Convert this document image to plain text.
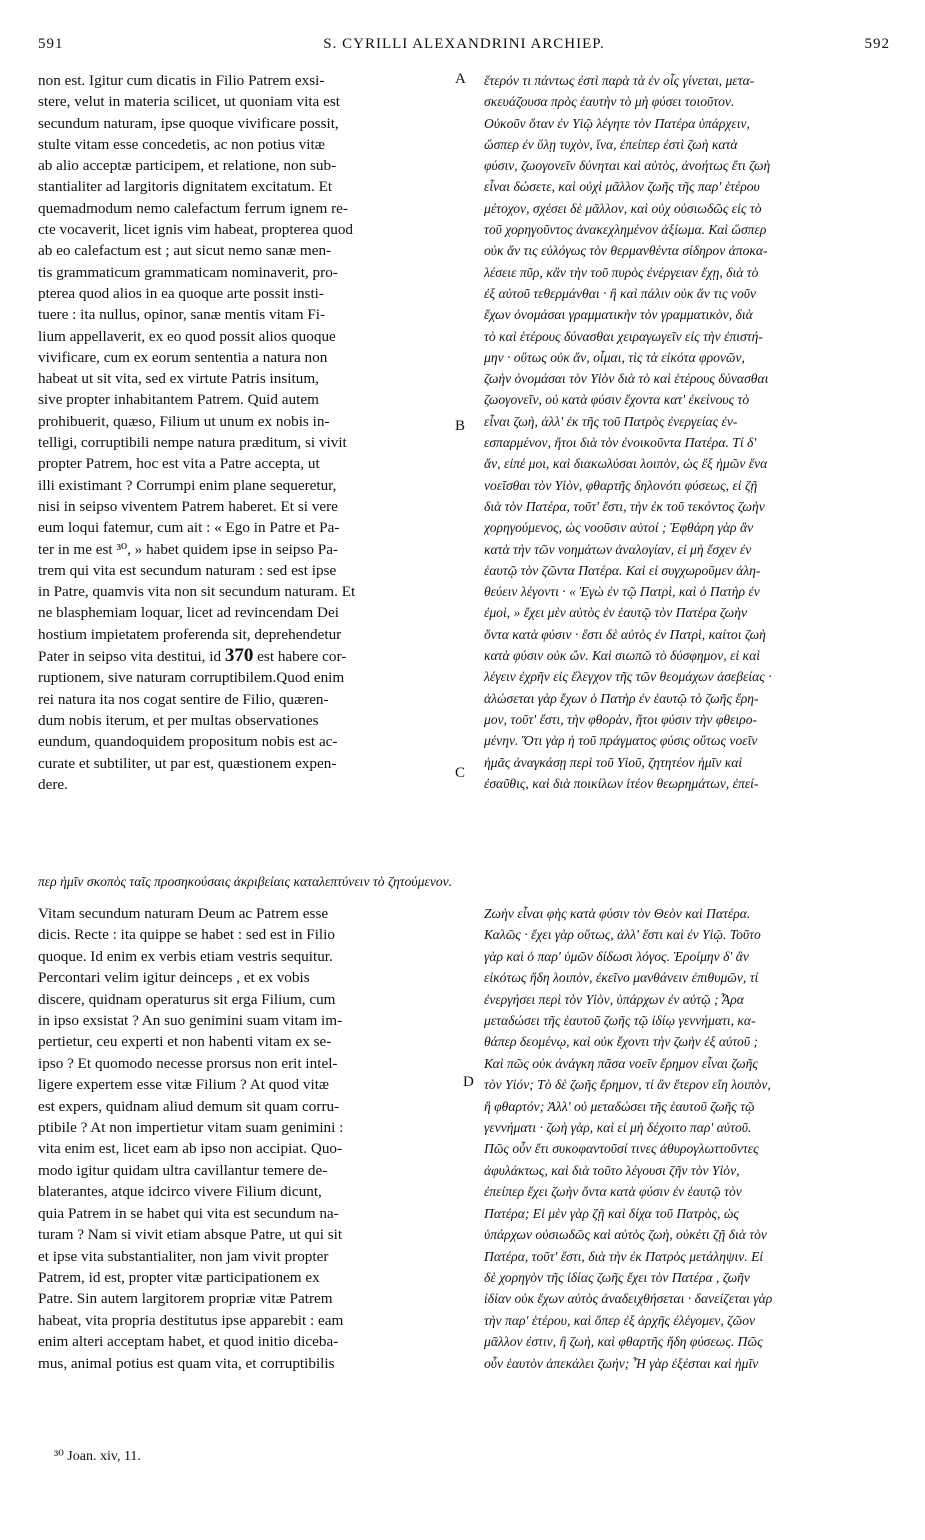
591	S. CYRILLI ALEXANDRINI ARCHIEP.	592
non est. Igitur cum dicatis in Filio Patrem exsi-
stere, velut in materia scilicet, ut quoniam vita est
secundum naturam, ipse quoque vivificare possit,
stulte vitam esse concedetis, ac non potius vitæ
ab alio acceptæ participem, et relatione, non sub-
stantialiter ad largitoris dignitatem excitatum. Et
quemadmodum nemo calefactum ferrum ignem re-
cte vocaverit, licet ignis vim habeat, propterea quod
ab eo calefactum est ; aut sicut nemo sanæ men-
tis grammaticum grammaticam nominaverit, pro-
pterea quod alios in ea quoque arte possit insti-
tuere : ita nullus, opinor, sanæ mentis vitam Fi-
lium appellaverit, ex eo quod possit alios quoque
vivificare, cum ex eorum sententia a natura non
habeat ut sit vita, sed ex virtute Patris insitum,
sive propter inhabitantem Patrem. Quid autem
prohibuerit, quæso, Filium ut unum ex nobis in-
telligi, corruptibili nempe natura præditum, si vivit
propter Patrem, hoc est vita a Patre accepta, ut
illi existimant ? Corrumpi enim plane sequeretur,
nisi in seipso viventem Patrem haberet. Et si vere
eum loqui fatemur, cum ait : « Ego in Patre et Pa-
ter in me est ³⁰, » habet quidem ipse in seipso Pa-
trem qui vita est secundum naturam : sed est ipse
in Patre, quamvis vita non sit secundum naturam. Et
ne blasphemiam loquar, licet ad revincendam Dei
hostium impietatem proferenda sit, deprehendetur
Pater in seipso vita destitui, id 370 est habere cor-
ruptionem, sive naturam corruptibilem.Quod enim
rei natura ita nos cogat sentire de Filio, quæren-
dum nobis iterum, et per multas observationes
eundum, quandoquidem propositum nobis est ac-
curate et subtiliter, ut par est, quæstionem expen-
dere.
ἕτερόν τι πάντως ἐστὶ παρὰ τὰ ἐν οἷς γίνεται, μετα-
σκευάζουσα πρὸς ἑαυτὴν τὸ μὴ φύσει τοιοῦτον.
Οὐκοῦν ὅταν ἐν Υἱῷ λέγητε τὸν Πατέρα ὑπάρχειν,
ὥσπερ ἐν ὕλῃ τυχὸν, ἵνα, ἐπείπερ ἐστὶ ζωὴ κατὰ
φύσιν, ζωογονεῖν δύνηται καὶ αὐτὸς, ἀνοήτως ἔτι ζωὴ
εἶναι δώσετε, καὶ οὐχὶ μᾶλλον ζωῆς τῆς παρ' ἑτέρου
μέτοχον, σχέσει δὲ μᾶλλον, καὶ οὐχ οὐσιωδῶς εἰς τὸ
τοῦ χορηγοῦντος ἀνακεχλημένον ἀξίωμα. Καὶ ὥσπερ
οὐκ ἄν τις εὐλόγως τὸν θερμανθέντα σίδηρον ἀποκα-
λέσειε πῦρ, κἂν τὴν τοῦ πυρὸς ἐνέργειαν ἔχῃ, διὰ τὸ
ἐξ αὐτοῦ τεθερμάνθαι · ἢ καὶ πάλιν οὐκ ἄν τις νοῦν
ἔχων ὀνομάσαι γραμματικὴν τὸν γραμματικὸν, διὰ
τὸ καὶ ἑτέρους δύνασθαι χειραγωγεῖν εἰς τὴν ἐπιστή-
μην · οὕτως οὐκ ἄν, οἶμαι, τὶς τὰ εἰκότα φρονῶν,
ζωὴν ὀνομάσαι τὸν Υἱὸν διὰ τὸ καὶ ἑτέρους δύνασθαι
ζωογονεῖν, οὐ κατὰ φύσιν ἔχοντα κατ' ἐκείνους τὸ
εἶναι ζωὴ, ἀλλ' ἐκ τῆς τοῦ Πατρὸς ἐνεργείας ἐν-
εσπαρμένον, ἤτοι διὰ τὸν ἐνοικοῦντα Πατέρα. Τί δ'
ἄν, εἰπέ μοι, καὶ διακωλύσαι λοιπὸν, ὡς ἕξ ἡμῶν ἕνα
νοεῖσθαι τὸν Υἱὸν, φθαρτῆς δηλονότι φύσεως, εἰ ζῇ
διὰ τὸν Πατέρα, τοῦτ' ἔστι, τὴν ἐκ τοῦ τεκόντος ζωὴν
χορηγούμενος, ὡς νοοῦσιν αὐτοί ; Ἐφθάρη γὰρ ἂν
κατὰ τὴν τῶν νοημάτων ἀναλογίαν, εἰ μὴ ἔσχεν ἐν
ἑαυτῷ τὸν ζῶντα Πατέρα. Καὶ εἰ συγχωροῦμεν ἀλη-
θεύειν λέγοντι · « Ἐγὼ ἐν τῷ Πατρὶ, καὶ ὁ Πατὴρ ἐν
ἐμοὶ, » ἔχει μὲν αὐτὸς ἐν ἑαυτῷ τὸν Πατέρα ζωὴν
ὄντα κατὰ φύσιν · ἔστι δὲ αὐτὸς ἐν Πατρὶ, καίτοι ζωὴ
κατὰ φύσιν οὐκ ὤν. Καὶ σιωπῶ τὸ δύσφημον, εἰ καὶ
λέγειν ἐχρῆν εἰς ἔλεγχον τῆς τῶν θεομάχων ἀσεβείας ·
ἁλώσεται γὰρ ἔχων ὁ Πατὴρ ἐν ἑαυτῷ τὸ ζωῆς ἔρη-
μον, τοῦτ' ἔστι, τὴν φθορὰν, ἤτοι φύσιν τὴν φθειρο-
μένην. Ὅτι γὰρ ἡ τοῦ πράγματος φύσις οὕτως νοεῖν
ἡμᾶς ἀναγκάσῃ περὶ τοῦ Υἱοῦ, ζητητέον ἡμῖν καὶ
ἐσαῦθις, καὶ διὰ ποικίλων ἰτέον θεωρημάτων, ἐπεί-
περ ἡμῖν σκοπὸς ταῖς προσηκούσαις ἀκριβείαις καταλεπτύνειν τὸ ζητούμενον.
Vitam secundum naturam Deum ac Patrem esse
dicis. Recte : ita quippe se habet : sed est in Filio
quoque. Id enim ex verbis etiam vestris sequitur.
Percontari velim igitur deinceps , et ex vobis
discere, quidnam operaturus sit erga Filium, cum
in ipso exsistat ? An suo genimini suam vitam im-
pertietur, ceu experti et non habenti vitam ex se-
ipso ? Et quomodo necesse prorsus non erit intel-
ligere expertem esse vitæ Filium ? At quod vitæ
est expers, quidnam aliud demum sit quam corru-
ptibile ? At non impertietur vitam suam genimini :
vita enim est, licet eam ab ipso non accipiat. Quo-
modo igitur quidam ultra cavillantur temere de-
blaterantes, atque idcirco vivere Filium dicunt,
quia Patrem in se habet qui vita est secundum na-
turam ? Nam si vivit etiam absque Patre, ut qui sit
et ipse vita substantialiter, non jam vivit propter
Patrem, id est, propter vitæ participationem ex
Patre. Sin autem largitorem propriæ vitæ Patrem
habeat, vita propria destitutus ipse apparebit : eam
enim alteri acceptam habet, et quod initio diceba-
mus, animal potius est quam vita, et corruptibilis
Ζωὴν εἶναι φὴς κατὰ φύσιν τὸν Θεὸν καὶ Πατέρα.
Καλῶς · ἔχει γὰρ οὕτως, ἀλλ' ἔστι καὶ ἐν Υἱῷ. Τοῦτο
γὰρ καὶ ὁ παρ' ὑμῶν δίδωσι λόγος. Ἐροίμην δ' ἂν
εἰκότως ἤδη λοιπὸν, ἐκεῖνο μανθάνειν ἐπιθυμῶν, τί
ἐνεργήσει περὶ τὸν Υἱὸν, ὑπάρχων ἐν αὐτῷ ; Ἆρα
μεταδώσει τῆς ἑαυτοῦ ζωῆς τῷ ἰδίῳ γεννήματι, κα-
θάπερ δεομένῳ, καὶ οὐκ ἔχοντι τὴν ζωὴν ἐξ αὐτοῦ ;
Καὶ πῶς οὐκ ἀνάγκη πᾶσα νοεῖν ἔρημον εἶναι ζωῆς
τὸν Υἱόν; Τὸ δὲ ζωῆς ἔρημον, τί ἂν ἕτερον εἴη λοιπὸν,
ἢ φθαρτόν; Ἀλλ' οὐ μεταδώσει τῆς ἑαυτοῦ ζωῆς τῷ
γεννήματι · ζωὴ γὰρ, καὶ εἰ μὴ δέχοιτο παρ' αὐτοῦ.
Πῶς οὖν ἔτι συκοφαντοῦσί τινες ἀθυρογλωττοῦντες
ἀφυλάκτως, καὶ διὰ τοῦτο λέγουσι ζῆν τὸν Υἱὸν,
ἐπείπερ ἔχει ζωὴν ὄντα κατὰ φύσιν ἐν ἑαυτῷ τὸν
Πατέρα; Εἰ μὲν γὰρ ζῇ καὶ δίχα τοῦ Πατρὸς, ὡς
ὑπάρχων οὐσιωδῶς καὶ αὐτὸς ζωὴ, οὐκέτι ζῇ διὰ τὸν
Πατέρα, τοῦτ' ἔστι, διὰ τὴν ἐκ Πατρὸς μετάληψιν. Εἰ
δὲ χορηγὸν τῆς ἰδίας ζωῆς ἔχει τὸν Πατέρα , ζωῆν
ἰδίαν οὐκ ἔχων αὐτὸς ἀναδειχθήσεται · δανείζεται γὰρ
τὴν παρ' ἑτέρου, καὶ ὅπερ ἐξ ἀρχῆς ἐλέγομεν, ζῶον
μᾶλλον ἐστιν, ἢ ζωὴ, καὶ φθαρτῆς ἤδη φύσεως. Πῶς
οὖν ἑαυτὸν ἀπεκάλει ζωήν; Ἦ γὰρ ἐξέσται καὶ ἡμῖν
A
B
C
D
³⁰ Joan. xiv, 11.
